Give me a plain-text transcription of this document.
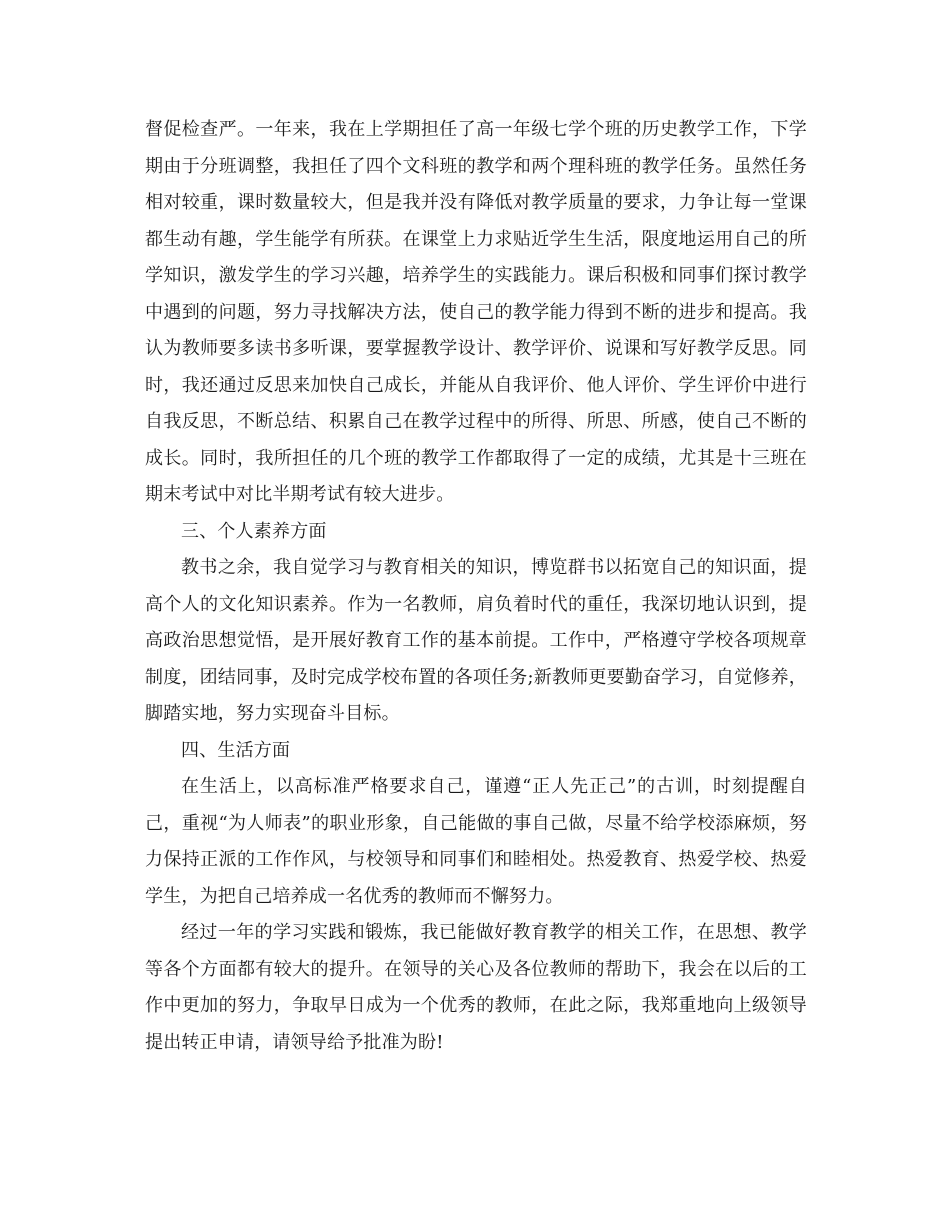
督促检查严。一年来，我在上学期担任了高一年级七学个班的历史教学工作，下学期由于分班调整，我担任了四个文科班的教学和两个理科班的教学任务。虽然任务相对较重，课时数量较大，但是我并没有降低对教学质量的要求，力争让每一堂课都生动有趣，学生能学有所获。在课堂上力求贴近学生生活，限度地运用自己的所学知识，激发学生的学习兴趣，培养学生的实践能力。课后积极和同事们探讨教学中遇到的问题，努力寻找解决方法，使自己的教学能力得到不断的进步和提高。我认为教师要多读书多听课，要掌握教学设计、教学评价、说课和写好教学反思。同时，我还通过反思来加快自己成长，并能从自我评价、他人评价、学生评价中进行自我反思，不断总结、积累自己在教学过程中的所得、所思、所感，使自己不断的成长。同时，我所担任的几个班的教学工作都取得了一定的成绩，尤其是十三班在期末考试中对比半期考试有较大进步。

三、个人素养方面

教书之余，我自觉学习与教育相关的知识，博览群书以拓宽自己的知识面，提高个人的文化知识素养。作为一名教师，肩负着时代的重任，我深切地认识到，提高政治思想觉悟，是开展好教育工作的基本前提。工作中，严格遵守学校各项规章制度，团结同事，及时完成学校布置的各项任务;新教师更要勤奋学习，自觉修养，脚踏实地，努力实现奋斗目标。

四、生活方面

在生活上，以高标准严格要求自己，谨遵“正人先正己”的古训，时刻提醒自己，重视“为人师表”的职业形象，自己能做的事自己做，尽量不给学校添麻烦，努力保持正派的工作作风，与校领导和同事们和睦相处。热爱教育、热爱学校、热爱学生，为把自己培养成一名优秀的教师而不懈努力。

经过一年的学习实践和锻炼，我已能做好教育教学的相关工作，在思想、教学等各个方面都有较大的提升。在领导的关心及各位教师的帮助下，我会在以后的工作中更加的努力，争取早日成为一个优秀的教师，在此之际，我郑重地向上级领导提出转正申请，请领导给予批准为盼!
